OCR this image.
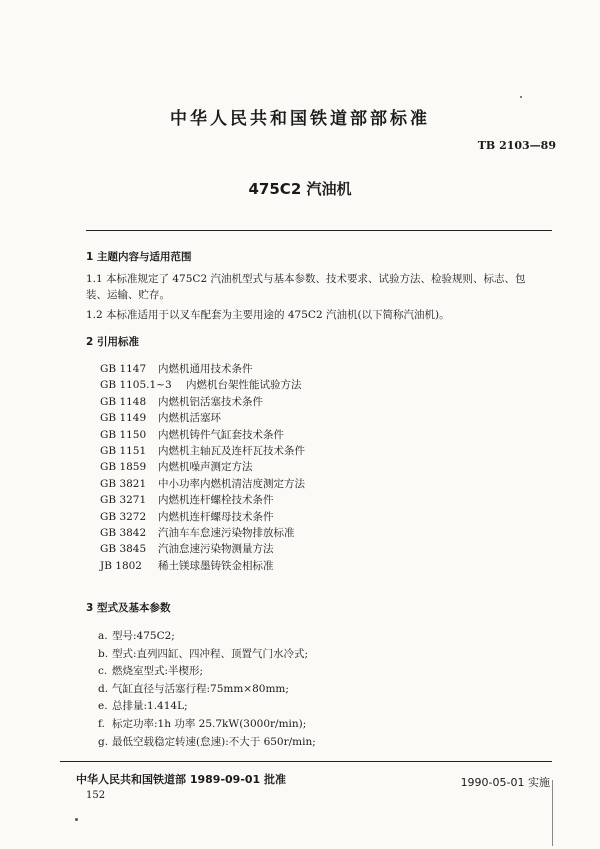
中华人民共和国铁道部部标准
TB 2103—89
475C2 汽油机
1 主题内容与适用范围
1.1 本标准规定了 475C2 汽油机型式与基本参数、技术要求、试验方法、检验规则、标志、包
装、运输、贮存。
1.2 本标准适用于以叉车配套为主要用途的 475C2 汽油机(以下简称汽油机)。
2 引用标准
GB 1147 内燃机通用技术条件
GB 1105.1~3 内燃机台架性能试验方法
GB 1148 内燃机铝活塞技术条件
GB 1149 内燃机活塞环
GB 1150 内燃机铸件气缸套技术条件
GB 1151 内燃机主轴瓦及连杆瓦技术条件
GB 1859 内燃机噪声测定方法
GB 3821 中小功率内燃机清洁度测定方法
GB 3271 内燃机连杆螺栓技术条件
GB 3272 内燃机连杆螺母技术条件
GB 3842 汽油车车怠速污染物排放标准
GB 3845 汽油怠速污染物测量方法
JB 1802 稀土镁球墨铸铁金相标准
3 型式及基本参数
a. 型号:475C2;
b. 型式:直列四缸、四冲程、顶置气门水冷式;
c. 燃烧室型式:半楔形;
d. 气缸直径与活塞行程:75mm×80mm;
e. 总排量:1.414L;
f. 标定功率:1h 功率 25.7kW(3000r/min);
g. 最低空载稳定转速(怠速):不大于 650r/min;
中华人民共和国铁道部 1989-09-01 批准	1990-05-01 实施
152
